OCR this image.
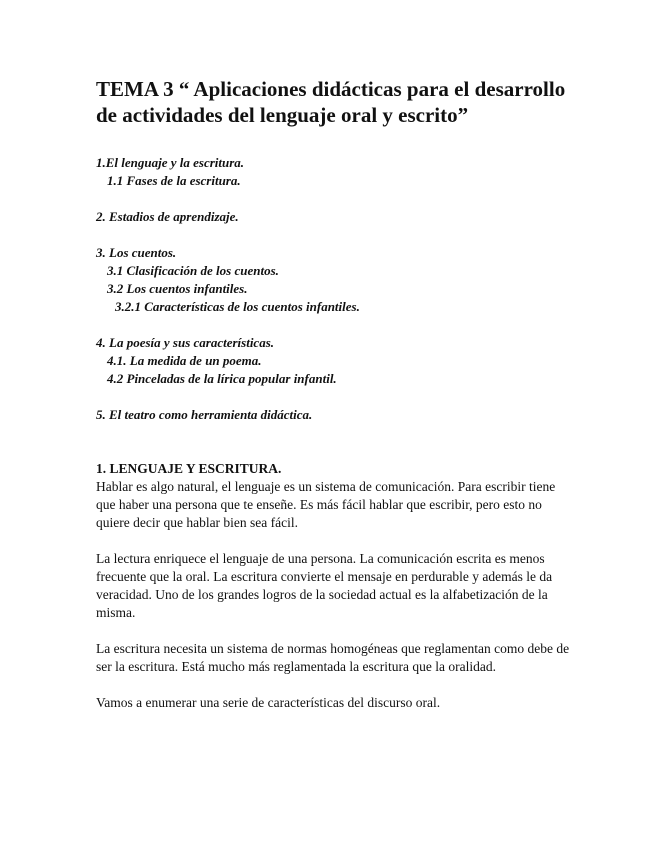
TEMA 3 “ Aplicaciones didácticas para el desarrollo de actividades del lenguaje oral y escrito”
1.El lenguaje y la escritura.
1.1 Fases de la escritura.
2. Estadios de aprendizaje.
3. Los cuentos.
3.1 Clasificación de los cuentos.
3.2 Los cuentos infantiles.
3.2.1 Características de los cuentos infantiles.
4. La poesía y sus características.
4.1. La medida de un poema.
4.2 Pinceladas de la lírica popular infantil.
5. El teatro como herramienta didáctica.

1. LENGUAJE Y ESCRITURA.

Hablar es algo natural, el lenguaje es un sistema de comunicación. Para escribir tiene que haber una persona que te enseñe. Es más fácil hablar que escribir, pero esto no quiere decir que hablar bien sea fácil.

La lectura enriquece el lenguaje de una persona. La comunicación escrita es menos frecuente que la oral. La escritura convierte el mensaje en perdurable y además le da veracidad. Uno de los grandes logros de la sociedad actual es la alfabetización de la misma.

La escritura necesita un sistema de normas homogéneas que reglamentan como debe de ser la escritura. Está mucho más reglamentada la escritura que la oralidad.

Vamos a enumerar una serie de características del discurso oral.
